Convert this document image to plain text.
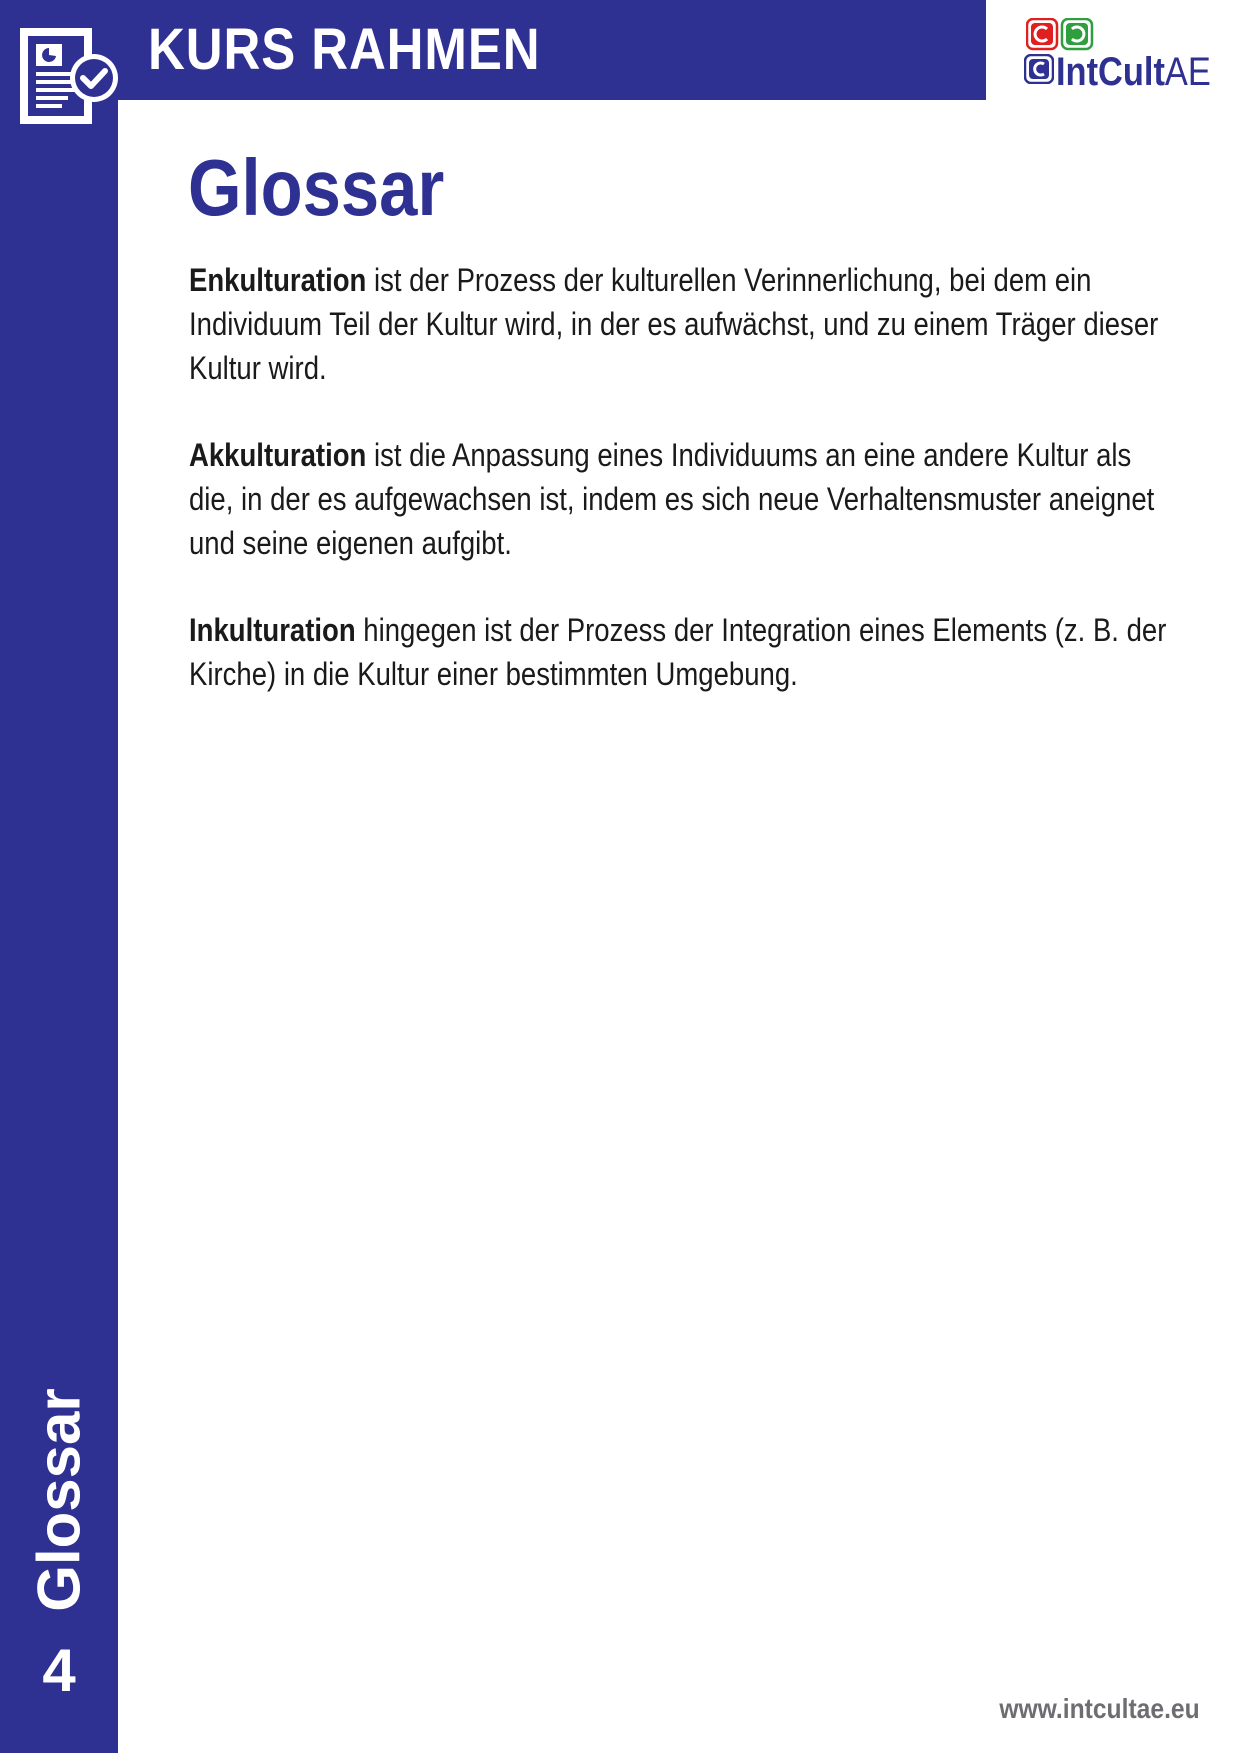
KURS RAHMEN	IntCultAE
Glossar

Enkulturation ist der Prozess der kulturellen Verinnerlichung, bei dem ein Individuum Teil der Kultur wird, in der es aufwächst, und zu einem Träger dieser Kultur wird.

Akkulturation ist die Anpassung eines Individuums an eine andere Kultur als die, in der es aufgewachsen ist, indem es sich neue Verhaltensmuster aneignet und seine eigenen aufgibt.

Inkulturation hingegen ist der Prozess der Integration eines Elements (z. B. der Kirche) in die Kultur einer bestimmten Umgebung.

Glossar
4
www.intcultae.eu
